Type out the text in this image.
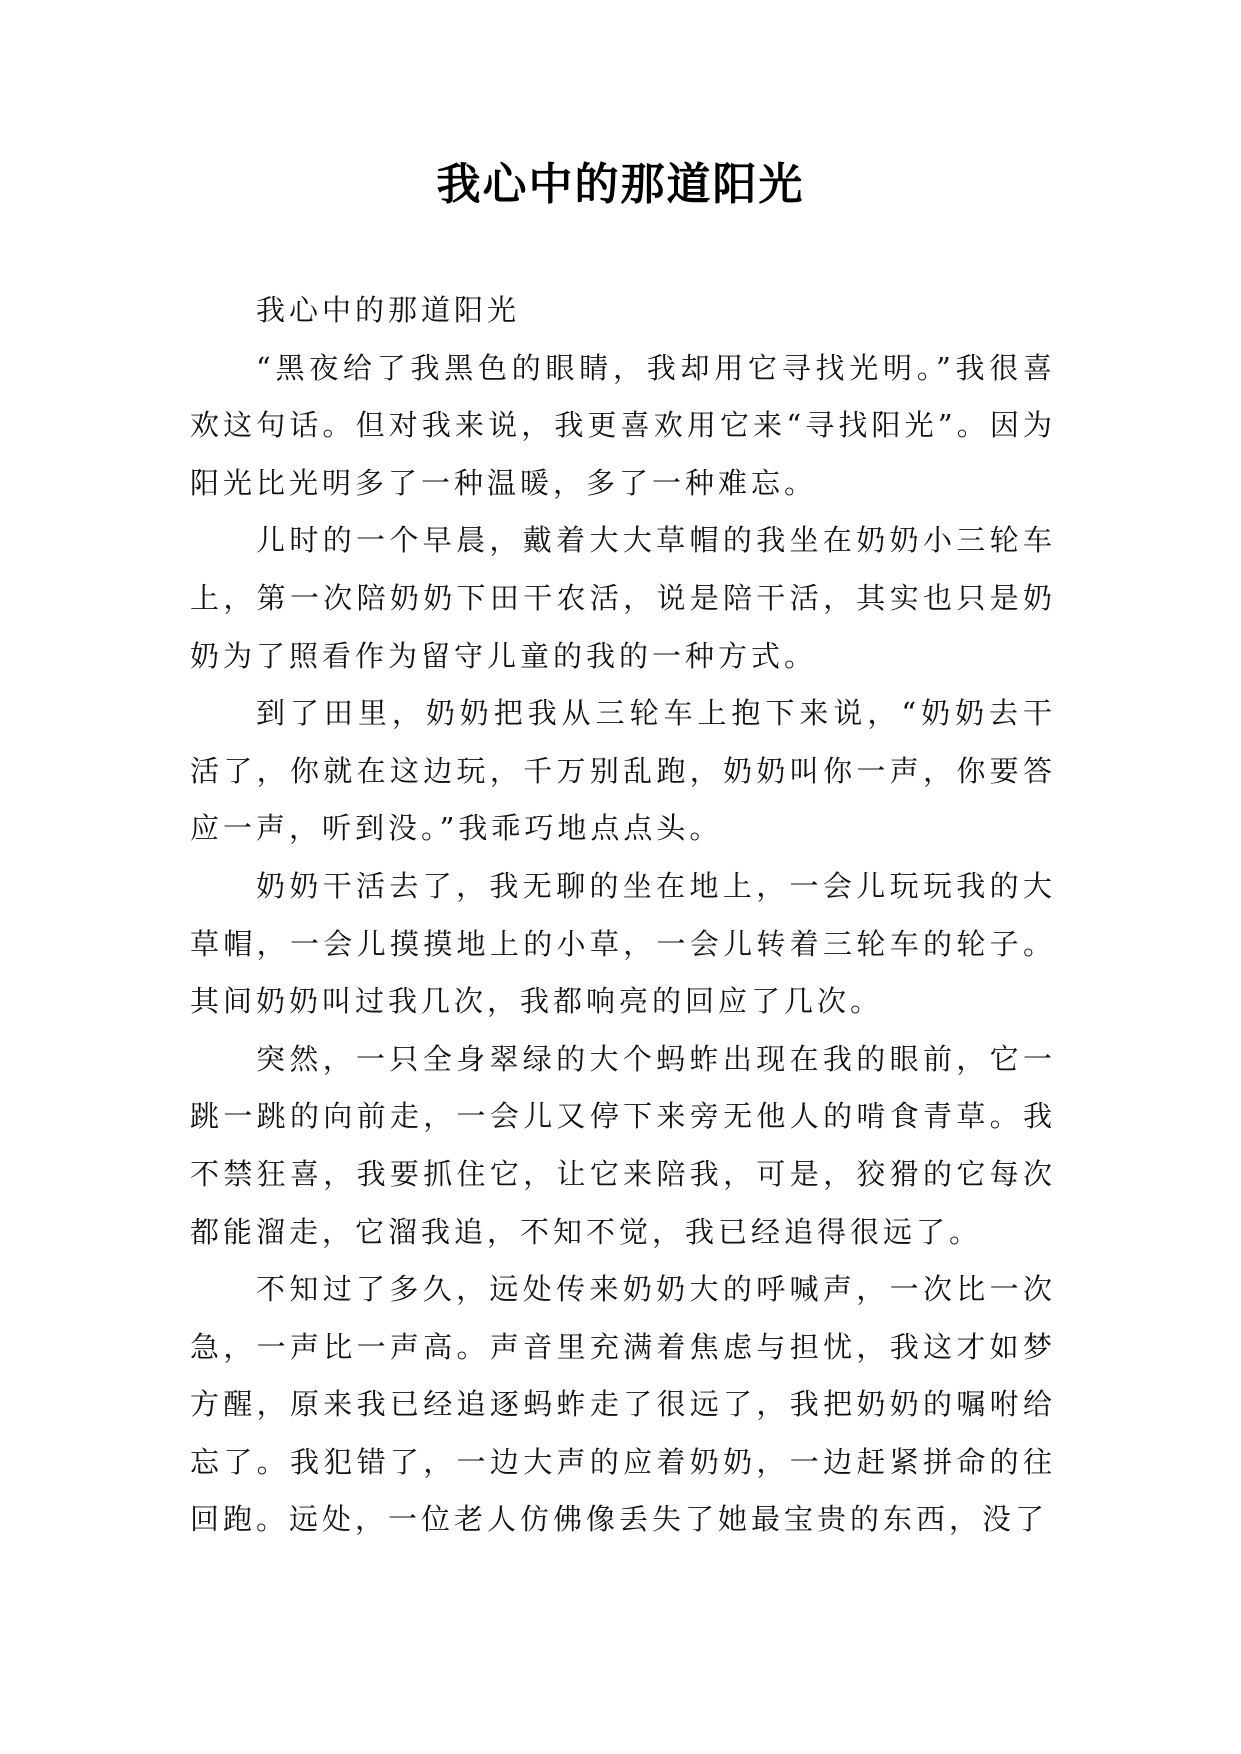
我心中的那道阳光

我心中的那道阳光

“黑夜给了我黑色的眼睛，我却用它寻找光明。”我很喜欢这句话。但对我来说，我更喜欢用它来“寻找阳光”。因为阳光比光明多了一种温暖，多了一种难忘。

儿时的一个早晨，戴着大大草帽的我坐在奶奶小三轮车上，第一次陪奶奶下田干农活，说是陪干活，其实也只是奶奶为了照看作为留守儿童的我的一种方式。

到了田里，奶奶把我从三轮车上抱下来说，“奶奶去干活了，你就在这边玩，千万别乱跑，奶奶叫你一声，你要答应一声，听到没。”我乖巧地点点头。

奶奶干活去了，我无聊的坐在地上，一会儿玩玩我的大草帽，一会儿摸摸地上的小草，一会儿转着三轮车的轮子。其间奶奶叫过我几次，我都响亮的回应了几次。

突然，一只全身翠绿的大个蚂蚱出现在我的眼前，它一跳一跳的向前走，一会儿又停下来旁无他人的啃食青草。我不禁狂喜，我要抓住它，让它来陪我，可是，狡猾的它每次都能溜走，它溜我追，不知不觉，我已经追得很远了。

不知过了多久，远处传来奶奶大的呼喊声，一次比一次急，一声比一声高。声音里充满着焦虑与担忧，我这才如梦方醒，原来我已经追逐蚂蚱走了很远了，我把奶奶的嘱咐给忘了。我犯错了，一边大声的应着奶奶，一边赶紧拼命的往回跑。远处，一位老人仿佛像丢失了她最宝贵的东西，没了
